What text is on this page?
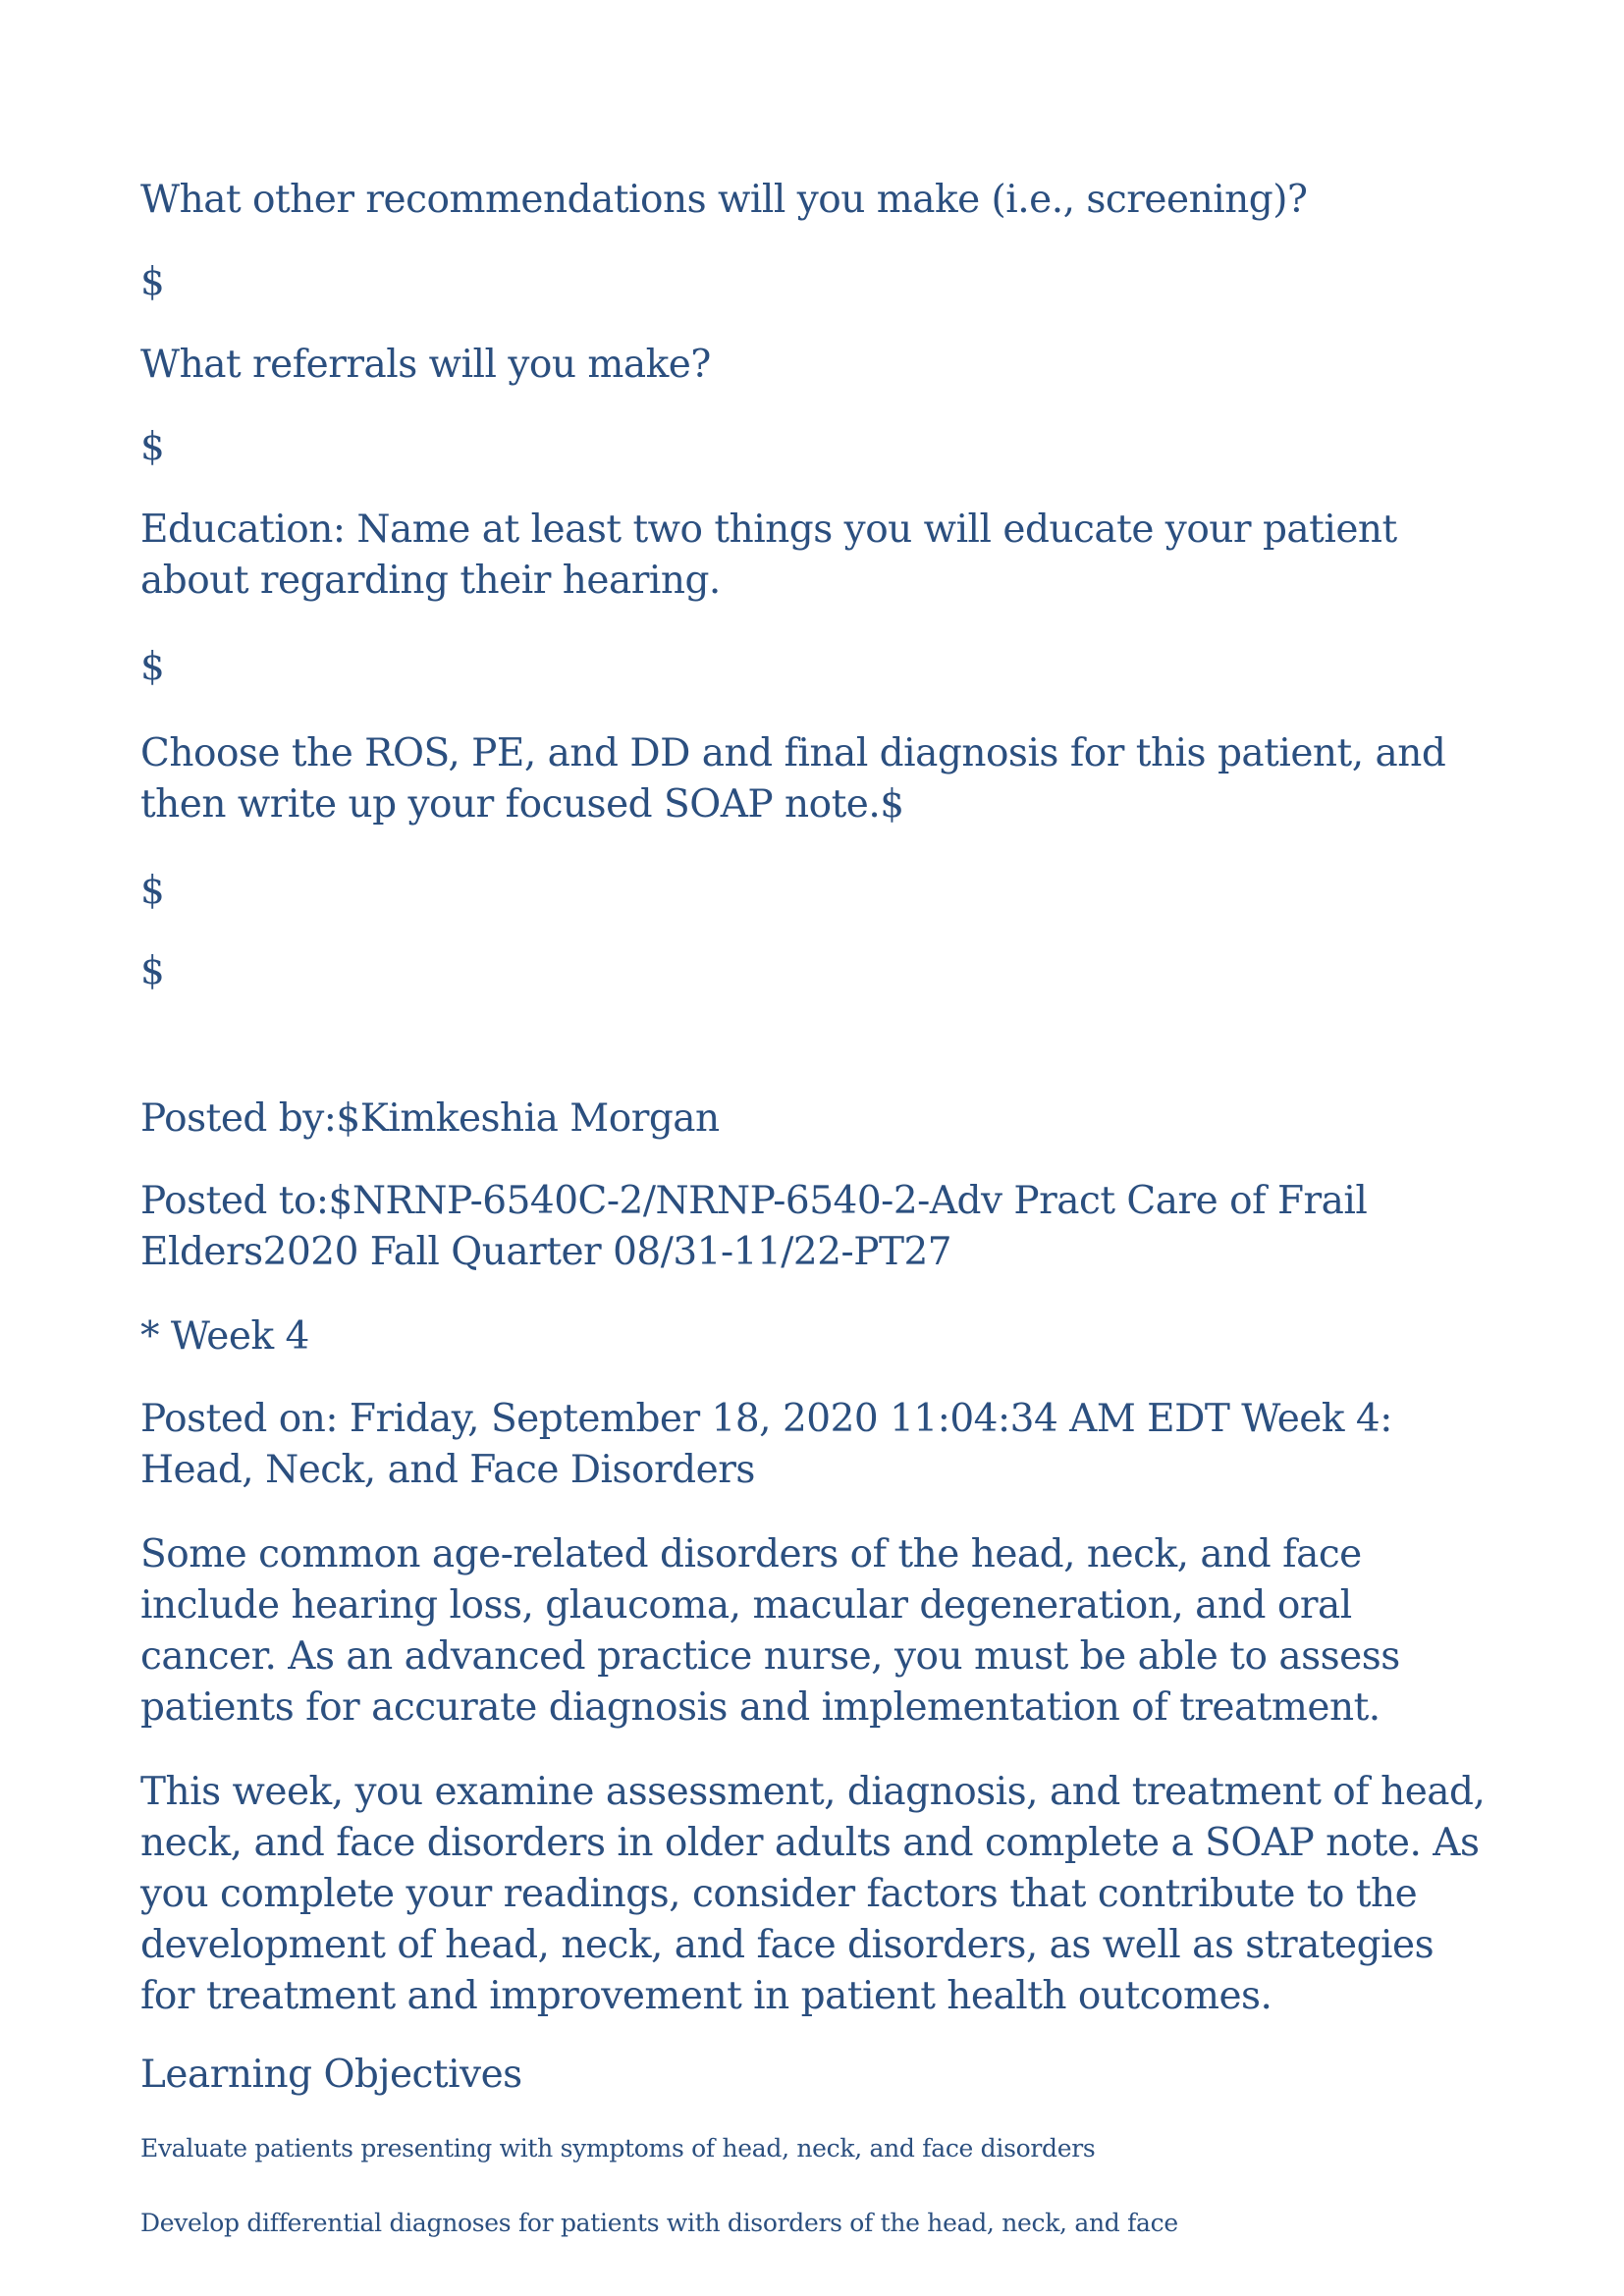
What other recommendations will you make (i.e., screening)?

$

What referrals will you make?

$

Education: Name at least two things you will educate your patient about regarding their hearing.

$

Choose the ROS, PE, and DD and final diagnosis for this patient, and then write up your focused SOAP note.$

$

$

Posted by:$Kimkeshia Morgan

Posted to:$NRNP-6540C-2/NRNP-6540-2-Adv Pract Care of Frail Elders2020 Fall Quarter 08/31-11/22-PT27

* Week 4

Posted on: Friday, September 18, 2020 11:04:34 AM EDT Week 4: Head, Neck, and Face Disorders

Some common age-related disorders of the head, neck, and face include hearing loss, glaucoma, macular degeneration, and oral cancer. As an advanced practice nurse, you must be able to assess patients for accurate diagnosis and implementation of treatment.

This week, you examine assessment, diagnosis, and treatment of head, neck, and face disorders in older adults and complete a SOAP note. As you complete your readings, consider factors that contribute to the development of head, neck, and face disorders, as well as strategies for treatment and improvement in patient health outcomes.

Learning Objectives

Evaluate patients presenting with symptoms of head, neck, and face disorders

Develop differential diagnoses for patients with disorders of the head, neck, and face
